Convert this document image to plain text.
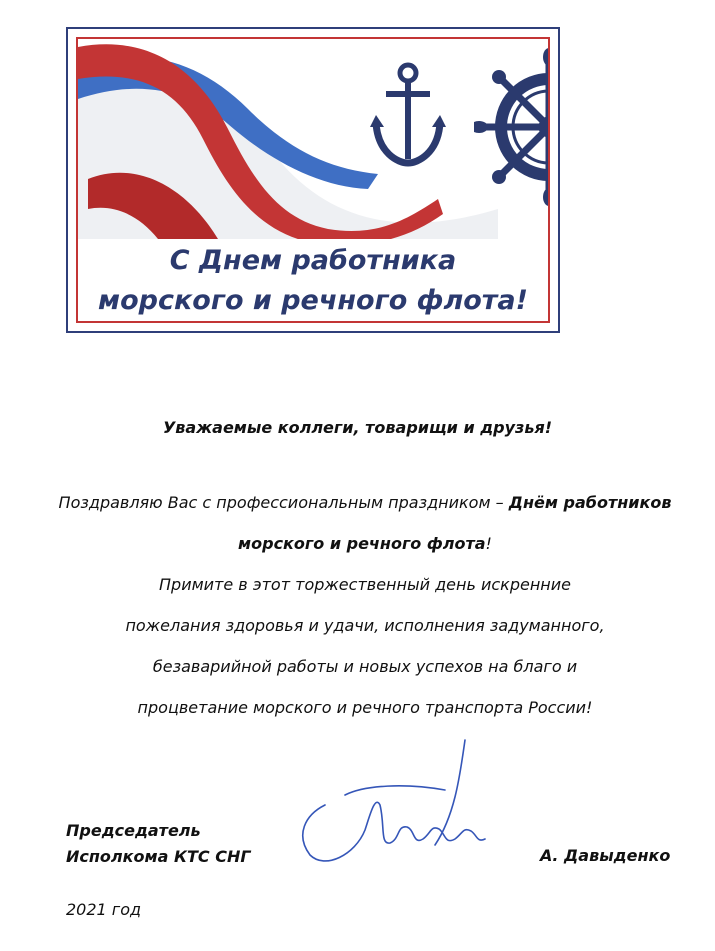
С Днем работника
морского и речного флота!
Уважаемые коллеги, товарищи и друзья!
Поздравляю Вас с профессиональным праздником – Днём работников морского и речного флота!
Примите в этот торжественный день искренние
пожелания здоровья и удачи, исполнения задуманного,
безаварийной работы и новых успехов на благо и
процветание морского и речного транспорта России!
Председатель
Исполкома КТС СНГ	А. Давыденко
2021 год
